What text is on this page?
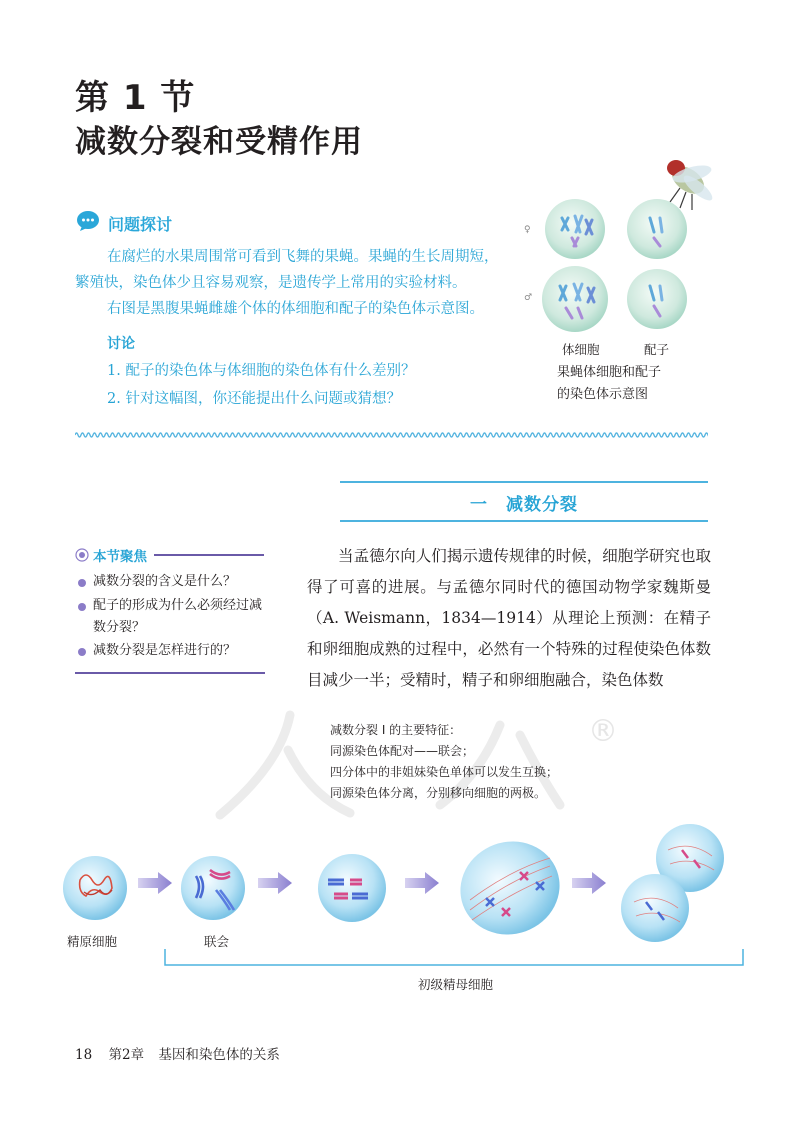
第 1 节
减数分裂和受精作用
问题探讨
在腐烂的水果周围常可看到飞舞的果蝇。果蝇的生长周期短，
繁殖快，染色体少且容易观察，是遗传学上常用的实验材料。
右图是黑腹果蝇雌雄个体的体细胞和配子的染色体示意图。
讨论
1. 配子的染色体与体细胞的染色体有什么差别？
2. 针对这幅图，你还能提出什么问题或猜想？
♀
♂
体细胞	配子
果蝇体细胞和配子
的染色体示意图
一　减数分裂
本节聚焦
减数分裂的含义是什么？
配子的形成为什么必须经过减
数分裂？
减数分裂是怎样进行的？
当孟德尔向人们揭示遗传规律的时候，细胞学研究也取得了可喜的进展。与孟德尔同时代的德国动物学家魏斯曼（A. Weismann，1834—1914）从理论上预测：在精子和卵细胞成熟的过程中，必然有一个特殊的过程使染色体数目减少一半；受精时，精子和卵细胞融合，染色体数
®
减数分裂 Ⅰ 的主要特征：
同源染色体配对——联会；
四分体中的非姐妹染色单体可以发生互换；
同源染色体分离，分别移向细胞的两极。
精原细胞	联会
初级精母细胞
18 第2章 基因和染色体的关系
